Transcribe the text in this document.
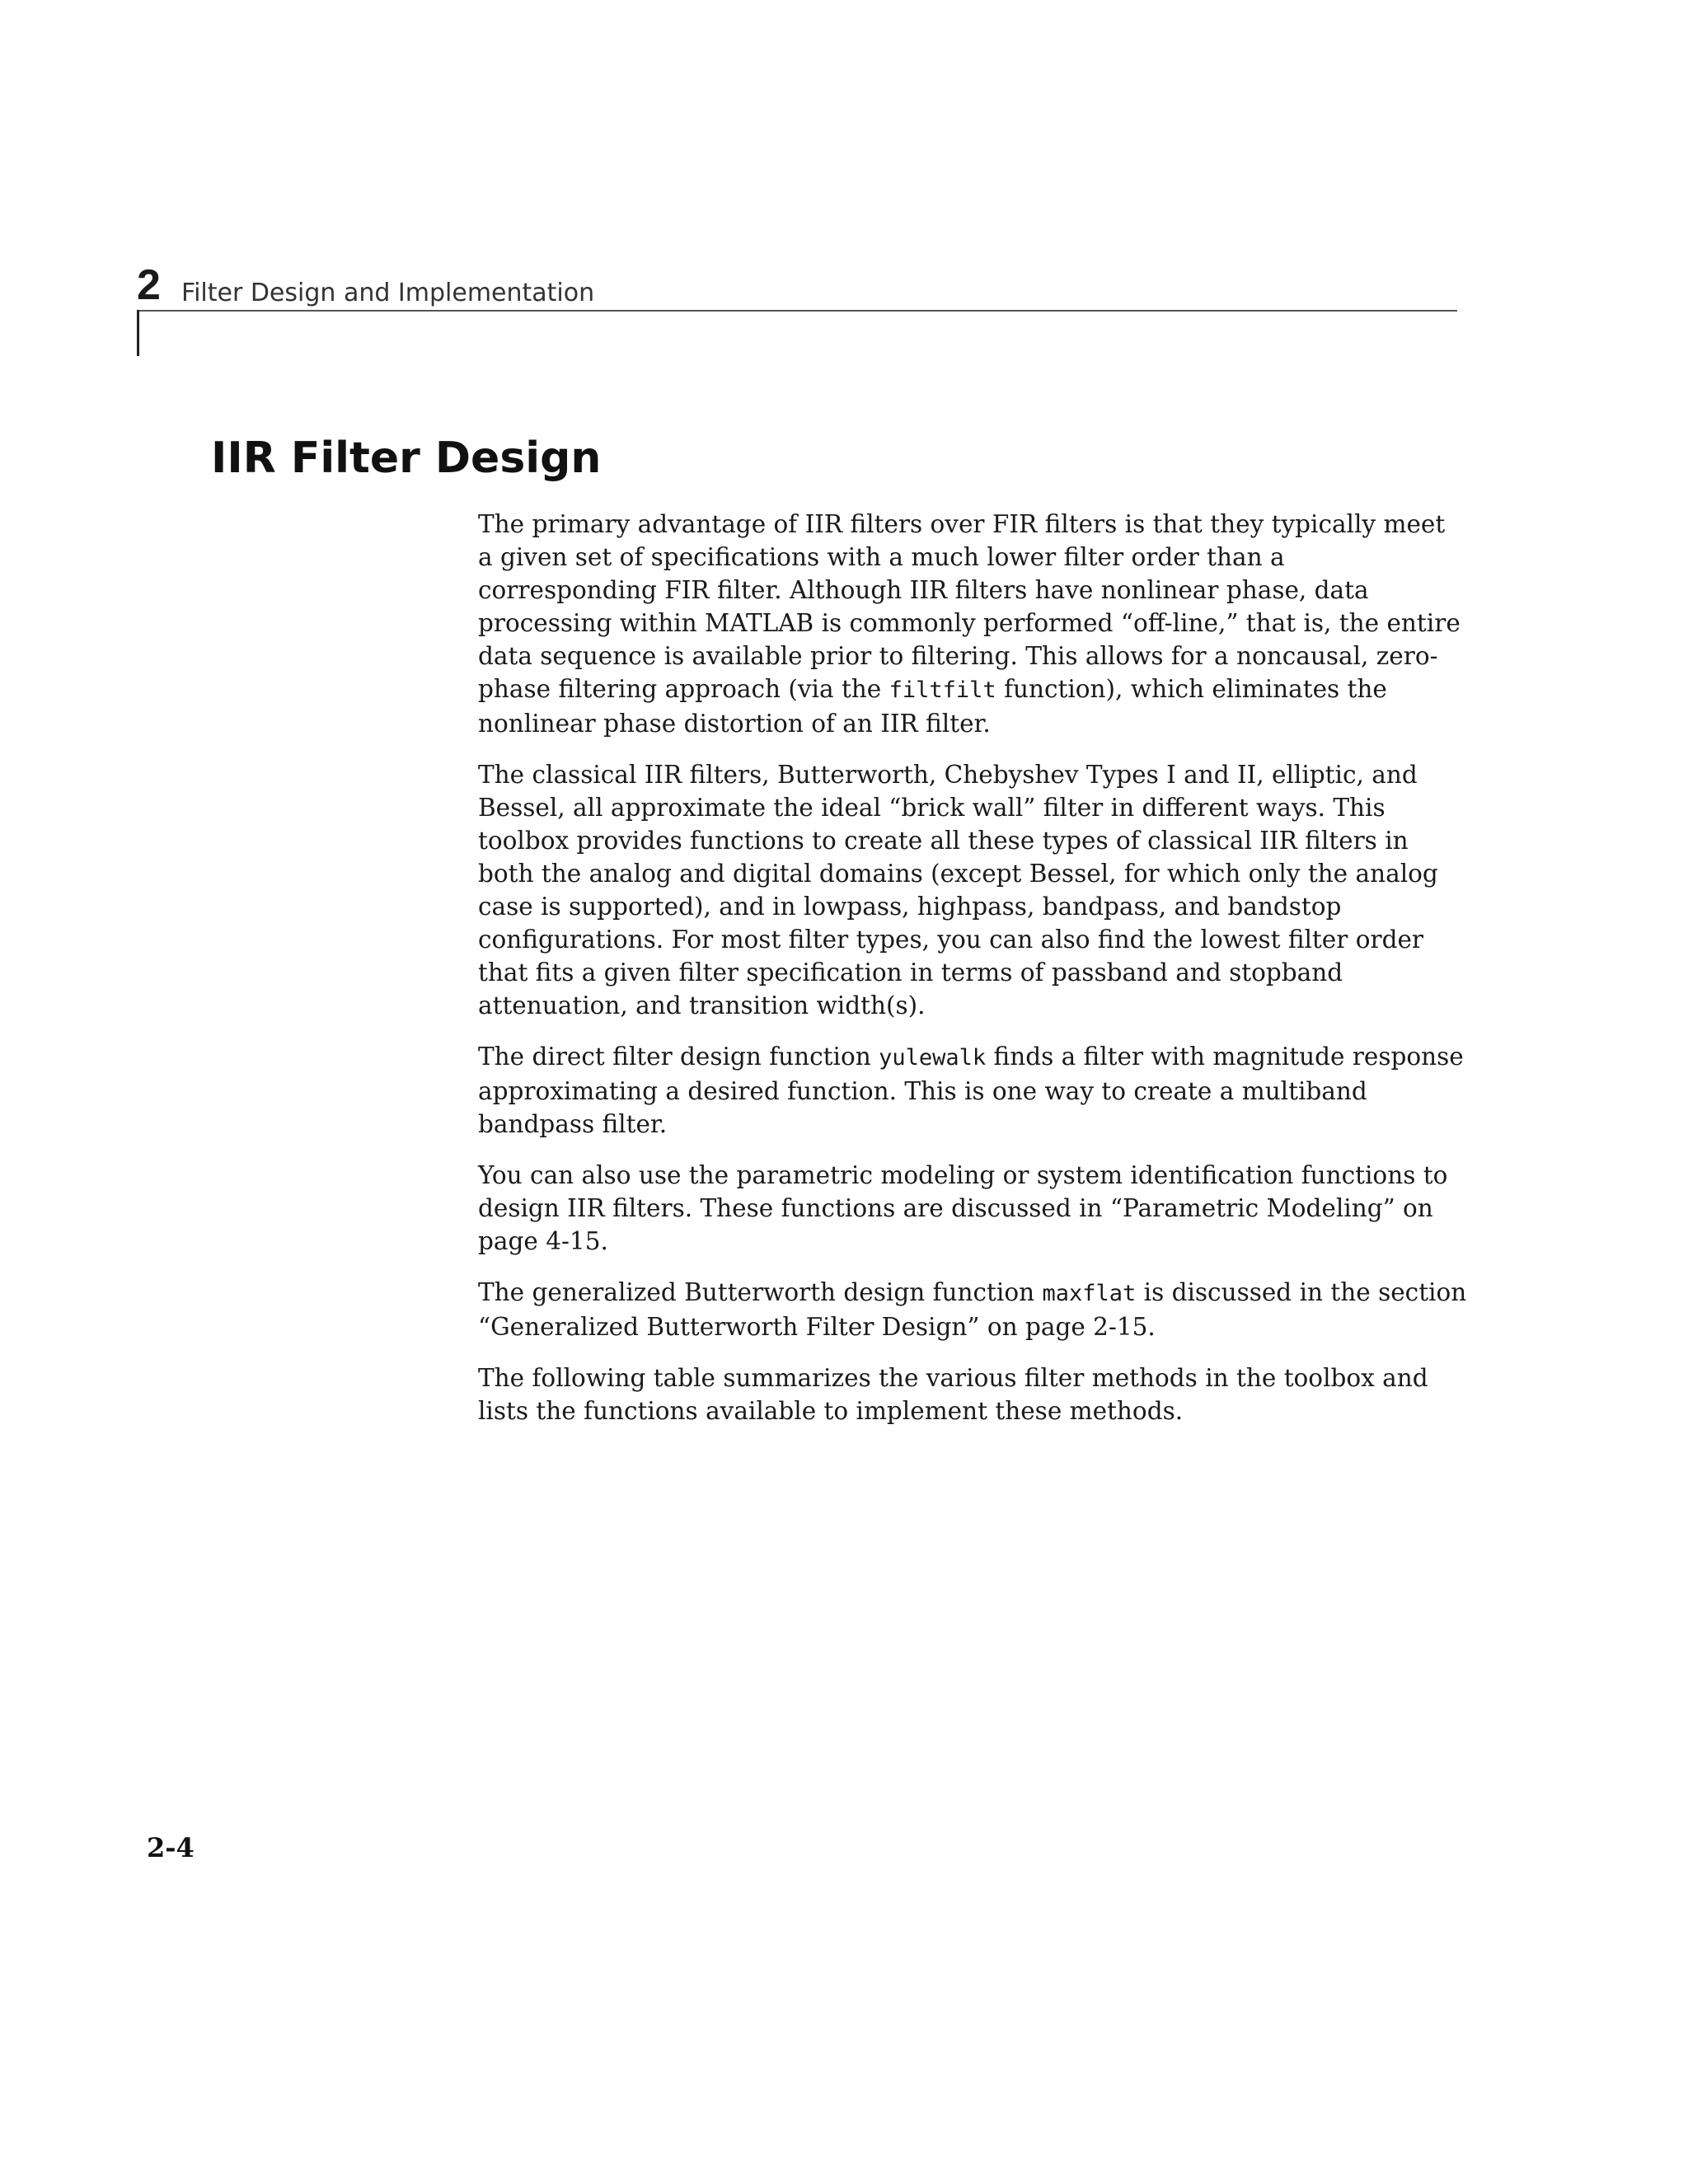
2 Filter Design and Implementation
IIR Filter Design

The primary advantage of IIR filters over FIR filters is that they typically meet a given set of specifications with a much lower filter order than a corresponding FIR filter. Although IIR filters have nonlinear phase, data processing within MATLAB is commonly performed “off-line,” that is, the entire data sequence is available prior to filtering. This allows for a noncausal, zero-phase filtering approach (via the filtfilt function), which eliminates the nonlinear phase distortion of an IIR filter.

The classical IIR filters, Butterworth, Chebyshev Types I and II, elliptic, and Bessel, all approximate the ideal “brick wall” filter in different ways. This toolbox provides functions to create all these types of classical IIR filters in both the analog and digital domains (except Bessel, for which only the analog case is supported), and in lowpass, highpass, bandpass, and bandstop configurations. For most filter types, you can also find the lowest filter order that fits a given filter specification in terms of passband and stopband attenuation, and transition width(s).

The direct filter design function yulewalk finds a filter with magnitude response approximating a desired function. This is one way to create a multiband bandpass filter.

You can also use the parametric modeling or system identification functions to design IIR filters. These functions are discussed in “Parametric Modeling” on page 4-15.

The generalized Butterworth design function maxflat is discussed in the section “Generalized Butterworth Filter Design” on page 2-15.

The following table summarizes the various filter methods in the toolbox and lists the functions available to implement these methods.

2-4
